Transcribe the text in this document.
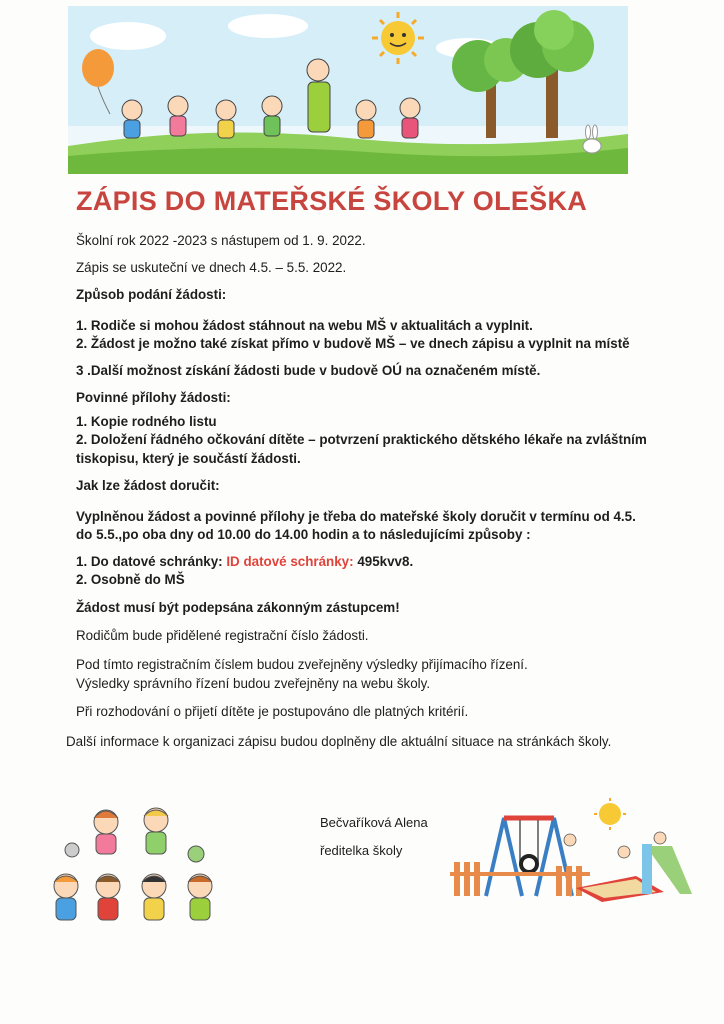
ZÁPIS DO MATEŘSKÉ ŠKOLY OLEŠKA
Školní rok 2022 -2023 s nástupem od 1. 9. 2022.
Zápis se uskuteční ve dnech 4.5. – 5.5. 2022.
Způsob podání žádosti:
1. Rodiče si mohou žádost stáhnout na webu MŠ v aktualitách a vyplnit.
2. Žádost je možno také získat přímo v budově MŠ – ve dnech zápisu a vyplnit na místě
3 .Další možnost získání žádosti bude v budově OÚ na označeném místě.
Povinné přílohy žádosti:
1. Kopie rodného listu
2. Doložení řádného očkování dítěte – potvrzení praktického dětského lékaře na zvláštním
tiskopisu, který je součástí žádosti.
Jak lze žádost doručit:
Vyplněnou žádost a povinné přílohy je třeba do mateřské školy doručit v termínu od 4.5.
do 5.5.,po oba dny od 10.00 do 14.00 hodin a to následujícími způsoby :
1. Do datové schránky: ID datové schránky: 495kvv8.
2. Osobně do MŠ
Žádost musí být podepsána zákonným zástupcem!
Rodičům bude přidělené registrační číslo žádosti.
Pod tímto registračním číslem budou zveřejněny výsledky přijímacího řízení.
Výsledky správního řízení budou zveřejněny na webu školy.
Při rozhodování o přijetí dítěte je postupováno dle platných kritérií.
Další informace k organizaci zápisu budou doplněny dle aktuální situace na stránkách školy.
Bečvaříková Alena
ředitelka školy
